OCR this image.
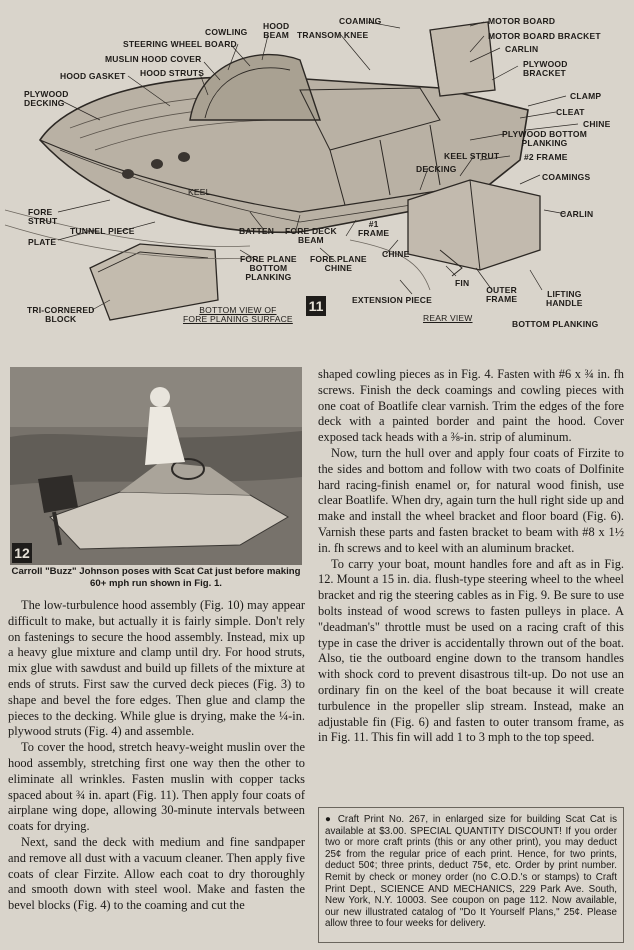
COWLING
HOOD
BEAM
STEERING WHEEL BOARD
MUSLIN HOOD COVER
HOOD GASKET HOOD STRUTS
PLYWOOD
DECKING
COAMING
TRANSOM KNEE
MOTOR BOARD
MOTOR BOARD BRACKET
CARLIN
PLYWOOD
BRACKET
CLAMP
CLEAT
CHINE
PLYWOOD BOTTOM
PLANKING
KEEL STRUT	#2 FRAME
DECKING
COAMINGS
KEEL
FORE
STRUT
TUNNEL PIECE
PLATE
BATTEN FORE DECK
BEAM
#1
FRAME
CHINE
CARLIN
FORE PLANE
BOTTOM
PLANKING
FORE PLANE
CHINE
FIN
OUTER
FRAME	LIFTING
HANDLE
EXTENSION PIECE
TRI-CORNERED
BLOCK
BOTTOM VIEW OF
FORE PLANING SURFACE	REAR VIEW
BOTTOM PLANKING
11
12
Carroll "Buzz" Johnson poses with Scat Cat just before making 60+ mph run shown in Fig. 1.

The low-turbulence hood assembly (Fig. 10) may appear difficult to make, but actually it is fairly simple. Don't rely on fastenings to secure the hood assembly. Instead, mix up a heavy glue mixture and clamp until dry. For hood struts, mix glue with sawdust and build up fillets of the mixture at ends of struts. First saw the curved deck pieces (Fig. 3) to shape and bevel the fore edges. Then glue and clamp the pieces to the decking. While glue is drying, make the ¼-in. plywood struts (Fig. 4) and assemble.

To cover the hood, stretch heavy-weight muslin over the hood assembly, stretching first one way then the other to eliminate all wrinkles. Fasten muslin with copper tacks spaced about ¾ in. apart (Fig. 11). Then apply four coats of airplane wing dope, allowing 30-minute intervals between coats for drying.

Next, sand the deck with medium and fine sandpaper and remove all dust with a vacuum cleaner. Then apply five coats of clear Firzite. Allow each coat to dry thoroughly and smooth down with steel wool. Make and fasten the bevel blocks (Fig. 4) to the coaming and cut the

shaped cowling pieces as in Fig. 4. Fasten with #6 x ¾ in. fh screws. Finish the deck coamings and cowling pieces with one coat of Boatlife clear varnish. Trim the edges of the fore deck with a painted border and paint the hood. Cover exposed tack heads with a ⅜-in. strip of aluminum.

Now, turn the hull over and apply four coats of Firzite to the sides and bottom and follow with two coats of Dolfinite hard racing-finish enamel or, for natural wood finish, use clear Boatlife. When dry, again turn the hull right side up and make and install the wheel bracket and floor board (Fig. 6). Varnish these parts and fasten bracket to beam with #8 x 1½ in. fh screws and to keel with an aluminum bracket.

To carry your boat, mount handles fore and aft as in Fig. 12. Mount a 15 in. dia. flush-type steering wheel to the wheel bracket and rig the steering cables as in Fig. 9. Be sure to use bolts instead of wood screws to fasten pulleys in place. A "deadman's" throttle must be used on a racing craft of this type in case the driver is accidentally thrown out of the boat. Also, tie the outboard engine down to the transom handles with shock cord to prevent disastrous tilt-up. Do not use an ordinary fin on the keel of the boat because it will create turbulence in the propeller slip stream. Instead, make an adjustable fin (Fig. 6) and fasten to outer transom frame, as in Fig. 11. This fin will add 1 to 3 mph to the top speed.

● Craft Print No. 267, in enlarged size for building Scat Cat is available at $3.00. SPECIAL QUANTITY DISCOUNT! If you order two or more craft prints (this or any other print), you may deduct 25¢ from the regular price of each print. Hence, for two prints, deduct 50¢; three prints, deduct 75¢, etc. Order by print number. Remit by check or money order (no C.O.D.'s or stamps) to Craft Print Dept., SCIENCE AND MECHANICS, 229 Park Ave. South, New York, N.Y. 10003. See coupon on page 112. Now available, our new illustrated catalog of "Do It Yourself Plans," 25¢. Please allow three to four weeks for delivery.
